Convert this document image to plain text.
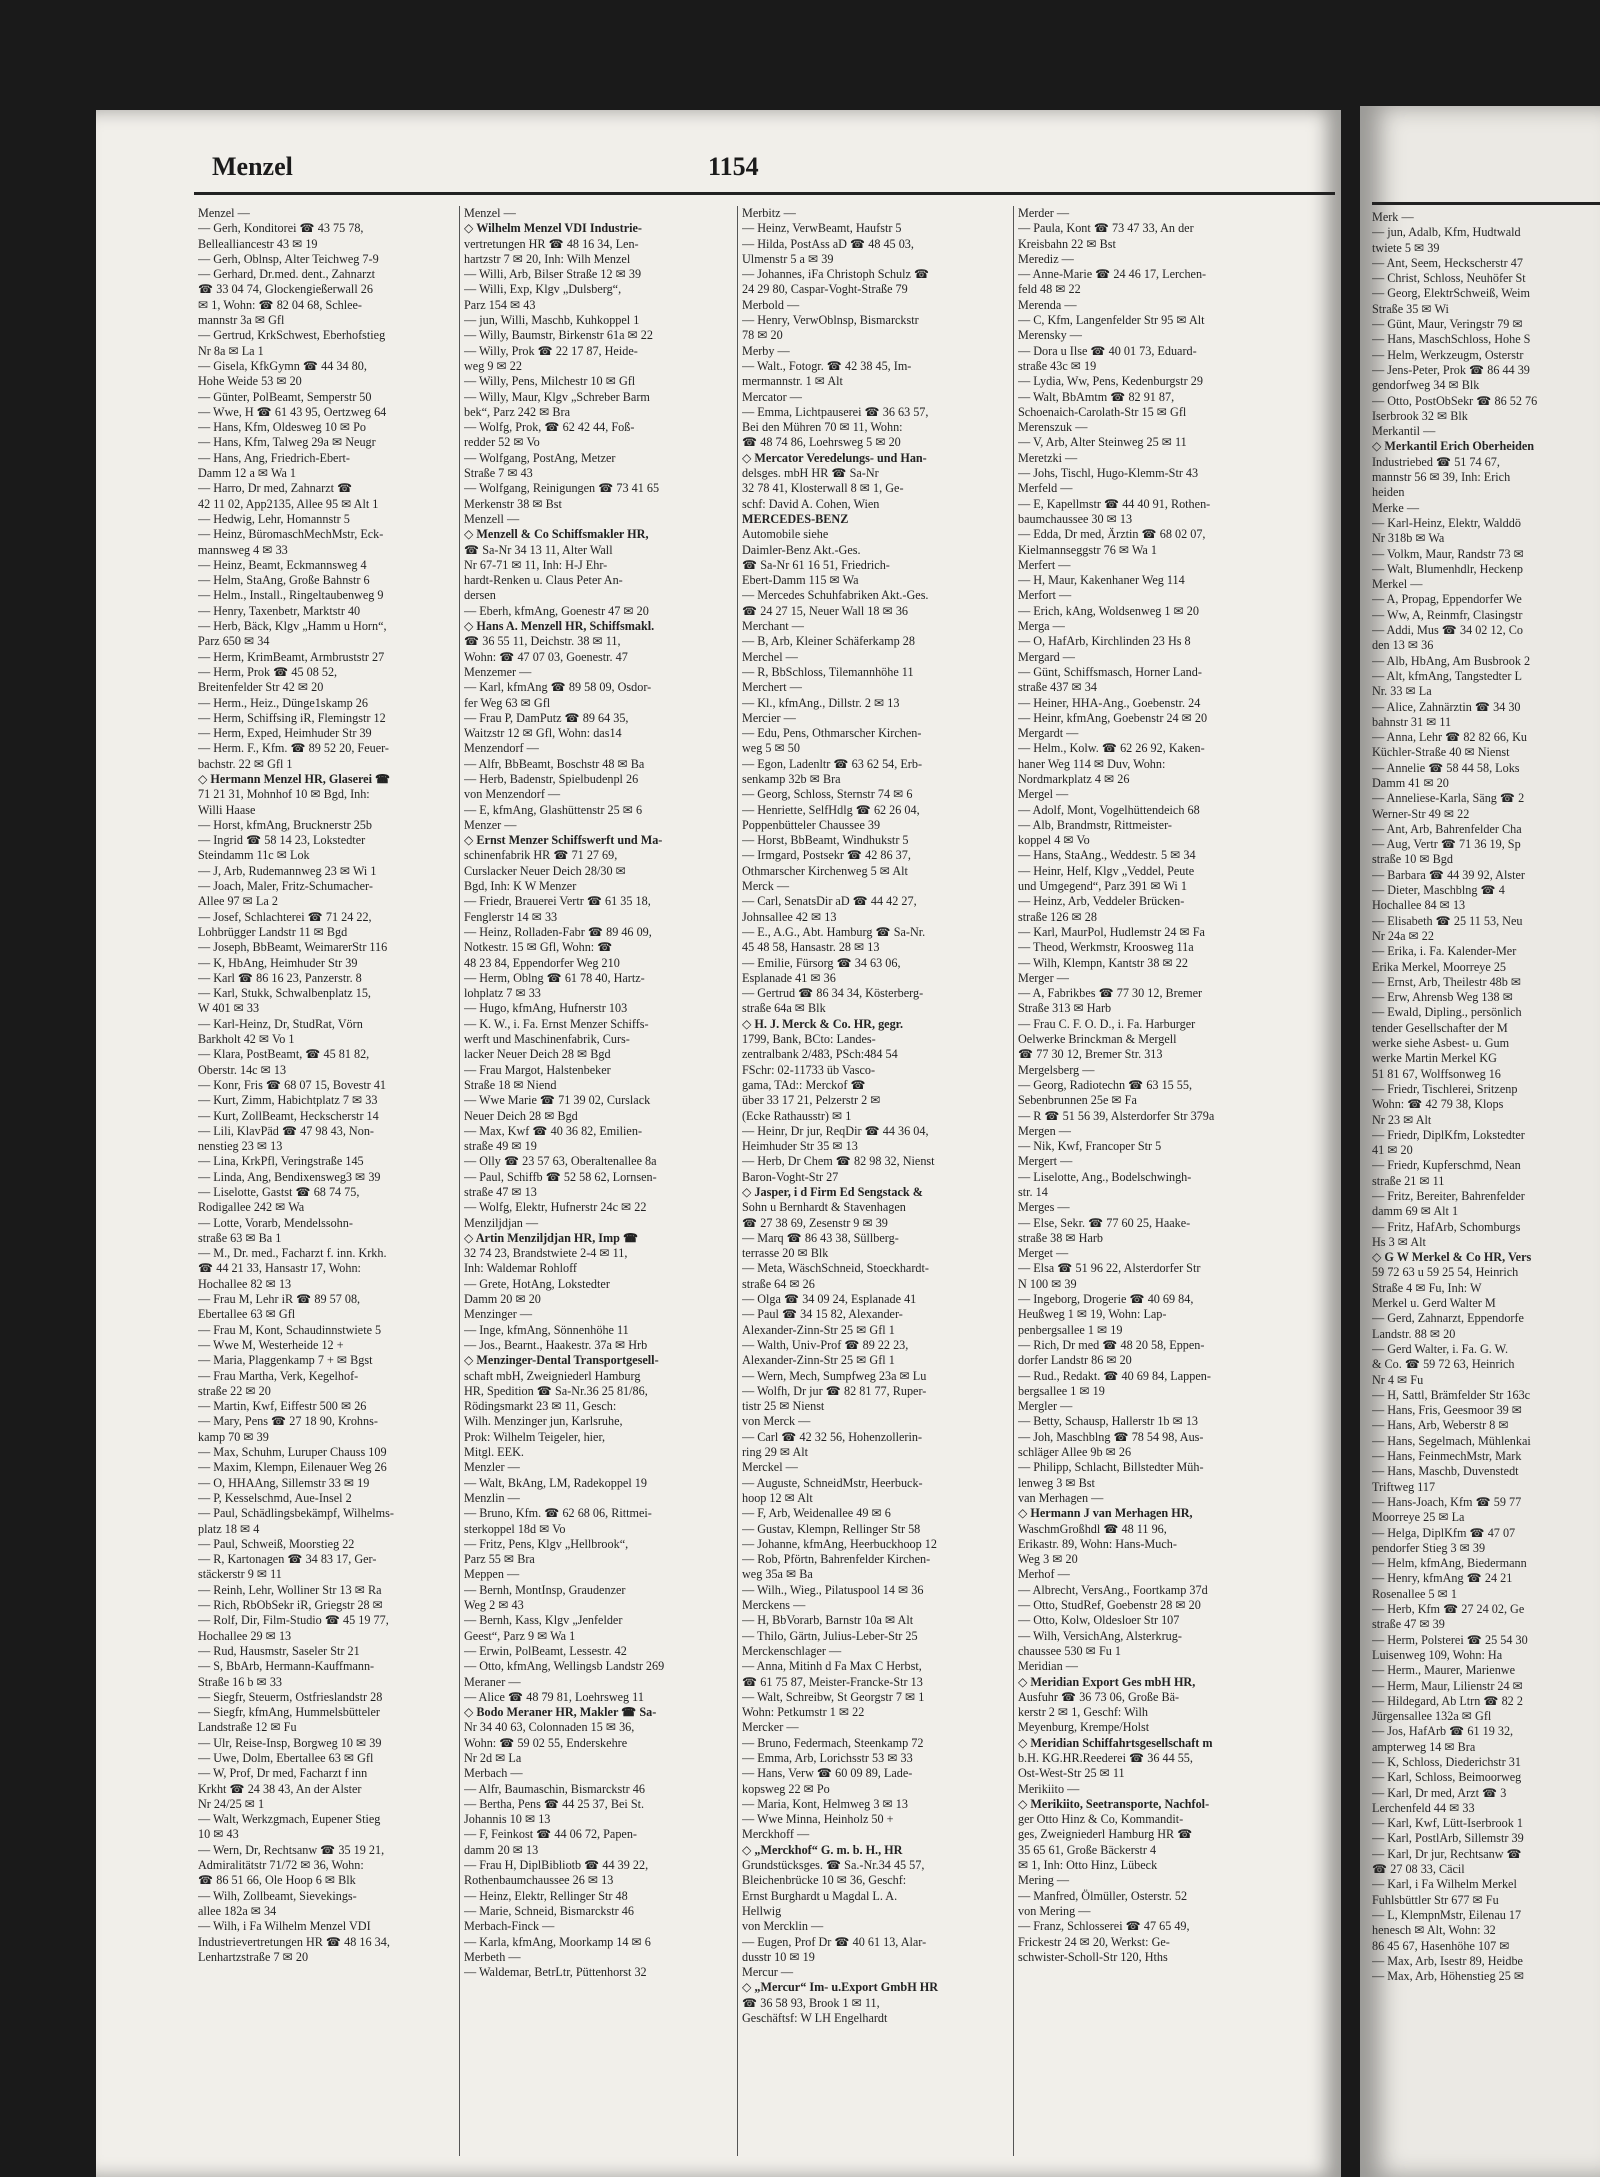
Menzel	1154
Menzel —
— Gerh, Konditorei ☎ 43 75 78,
Bellealliancestr 43 ✉ 19
— Gerh, Oblnsp, Alter Teichweg 7-9
— Gerhard, Dr.med. dent., Zahnarzt
☎ 33 04 74, Glockengießerwall 26
✉ 1, Wohn: ☎ 82 04 68, Schlee-
mannstr 3a ✉ Gfl
— Gertrud, KrkSchwest, Eberhofstieg
Nr 8a ✉ La 1
— Gisela, KfkGymn ☎ 44 34 80,
Hohe Weide 53 ✉ 20
— Günter, PolBeamt, Semperstr 50
— Wwe, H ☎ 61 43 95, Oertzweg 64
— Hans, Kfm, Oldesweg 10 ✉ Po
— Hans, Kfm, Talweg 29a ✉ Neugr
— Hans, Ang, Friedrich-Ebert-
Damm 12 a ✉ Wa 1
— Harro, Dr med, Zahnarzt ☎
42 11 02, App2135, Allee 95 ✉ Alt 1
— Hedwig, Lehr, Homannstr 5
— Heinz, BüromaschMechMstr, Eck-
mannsweg 4 ✉ 33
— Heinz, Beamt, Eckmannsweg 4
— Helm, StaAng, Große Bahnstr 6
— Helm., Install., Ringeltaubenweg 9
— Henry, Taxenbetr, Marktstr 40
— Herb, Bäck, Klgv „Hamm u Horn“,
Parz 650 ✉ 34
— Herm, KrimBeamt, Armbruststr 27
— Herm, Prok ☎ 45 08 52,
Breitenfelder Str 42 ✉ 20
— Herm., Heiz., Dünge1skamp 26
— Herm, Schiffsing iR, Flemingstr 12
— Herm, Exped, Heimhuder Str 39
— Herm. F., Kfm. ☎ 89 52 20, Feuer-
bachstr. 22 ✉ Gfl 1
◇ Hermann Menzel HR, Glaserei ☎
71 21 31, Mohnhof 10 ✉ Bgd, Inh:
Willi Haase
— Horst, kfmAng, Brucknerstr 25b
— Ingrid ☎ 58 14 23, Lokstedter
Steindamm 11c ✉ Lok
— J, Arb, Rudemannweg 23 ✉ Wi 1
— Joach, Maler, Fritz-Schumacher-
Allee 97 ✉ La 2
— Josef, Schlachterei ☎ 71 24 22,
Lohbrügger Landstr 11 ✉ Bgd
— Joseph, BbBeamt, WeimarerStr 116
— K, HbAng, Heimhuder Str 39
— Karl ☎ 86 16 23, Panzerstr. 8
— Karl, Stukk, Schwalbenplatz 15,
W 401 ✉ 33
— Karl-Heinz, Dr, StudRat, Vörn
Barkholt 42 ✉ Vo 1
— Klara, PostBeamt, ☎ 45 81 82,
Oberstr. 14c ✉ 13
— Konr, Fris ☎ 68 07 15, Bovestr 41
— Kurt, Zimm, Habichtplatz 7 ✉ 33
— Kurt, ZollBeamt, Heckscherstr 14
— Lili, KlavPäd ☎ 47 98 43, Non-
nenstieg 23 ✉ 13
— Lina, KrkPfl, Veringstraße 145
— Linda, Ang, Bendixensweg3 ✉ 39
— Liselotte, Gastst ☎ 68 74 75,
Rodigallee 242 ✉ Wa
— Lotte, Vorarb, Mendelssohn-
straße 63 ✉ Ba 1
— M., Dr. med., Facharzt f. inn. Krkh.
☎ 44 21 33, Hansastr 17, Wohn:
Hochallee 82 ✉ 13
— Frau M, Lehr iR ☎ 89 57 08,
Ebertallee 63 ✉ Gfl
— Frau M, Kont, Schaudinnstwiete 5
— Wwe M, Westerheide 12 +
— Maria, Plaggenkamp 7 + ✉ Bgst
— Frau Martha, Verk, Kegelhof-
straße 22 ✉ 20
— Martin, Kwf, Eiffestr 500 ✉ 26
— Mary, Pens ☎ 27 18 90, Krohns-
kamp 70 ✉ 39
— Max, Schuhm, Luruper Chauss 109
— Maxim, Klempn, Eilenauer Weg 26
— O, HHAAng, Sillemstr 33 ✉ 19
— P, Kesselschmd, Aue-Insel 2
— Paul, Schädlingsbekämpf, Wilhelms-
platz 18 ✉ 4
— Paul, Schweiß, Moorstieg 22
— R, Kartonagen ☎ 34 83 17, Ger-
stäckerstr 9 ✉ 11
— Reinh, Lehr, Wolliner Str 13 ✉ Ra
— Rich, RbObSekr iR, Griegstr 28 ✉
— Rolf, Dir, Film-Studio ☎ 45 19 77,
Hochallee 29 ✉ 13
— Rud, Hausmstr, Saseler Str 21
— S, BbArb, Hermann-Kauffmann-
Straße 16 b ✉ 33
— Siegfr, Steuerm, Ostfrieslandstr 28
— Siegfr, kfmAng, Hummelsbütteler
Landstraße 12 ✉ Fu
— Ulr, Reise-Insp, Borgweg 10 ✉ 39
— Uwe, Dolm, Ebertallee 63 ✉ Gfl
— W, Prof, Dr med, Facharzt f inn
Krkht ☎ 24 38 43, An der Alster
Nr 24/25 ✉ 1
— Walt, Werkzgmach, Eupener Stieg
10 ✉ 43
— Wern, Dr, Rechtsanw ☎ 35 19 21,
Admiralitätstr 71/72 ✉ 36, Wohn:
☎ 86 51 66, Ole Hoop 6 ✉ Blk
— Wilh, Zollbeamt, Sievekings-
allee 182a ✉ 34
— Wilh, i Fa Wilhelm Menzel VDI
Industrievertretungen HR ☎ 48 16 34,
Lenhartzstraße 7 ✉ 20
Menzel —
◇ Wilhelm Menzel VDI Industrie-
vertretungen HR ☎ 48 16 34, Len-
hartzstr 7 ✉ 20, Inh: Wilh Menzel
— Willi, Arb, Bilser Straße 12 ✉ 39
— Willi, Exp, Klgv „Dulsberg“,
Parz 154 ✉ 43
— jun, Willi, Maschb, Kuhkoppel 1
— Willy, Baumstr, Birkenstr 61a ✉ 22
— Willy, Prok ☎ 22 17 87, Heide-
weg 9 ✉ 22
— Willy, Pens, Milchestr 10 ✉ Gfl
— Willy, Maur, Klgv „Schreber Barm
bek“, Parz 242 ✉ Bra
— Wolfg, Prok, ☎ 62 42 44, Foß-
redder 52 ✉ Vo
— Wolfgang, PostAng, Metzer
Straße 7 ✉ 43
— Wolfgang, Reinigungen ☎ 73 41 65
Merkenstr 38 ✉ Bst
Menzell —
◇ Menzell & Co Schiffsmakler HR,
☎ Sa-Nr 34 13 11, Alter Wall
Nr 67-71 ✉ 11, Inh: H-J Ehr-
hardt-Renken u. Claus Peter An-
dersen
— Eberh, kfmAng, Goenestr 47 ✉ 20
◇ Hans A. Menzell HR, Schiffsmakl.
☎ 36 55 11, Deichstr. 38 ✉ 11,
Wohn: ☎ 47 07 03, Goenestr. 47
Menzemer —
— Karl, kfmAng ☎ 89 58 09, Osdor-
fer Weg 63 ✉ Gfl
— Frau P, DamPutz ☎ 89 64 35,
Waitzstr 12 ✉ Gfl, Wohn: das14
Menzendorf —
— Alfr, BbBeamt, Boschstr 48 ✉ Ba
— Herb, Badenstr, Spielbudenpl 26
von Menzendorf —
— E, kfmAng, Glashüttenstr 25 ✉ 6
Menzer —
◇ Ernst Menzer Schiffswerft und Ma-
schinenfabrik HR ☎ 71 27 69,
Curslacker Neuer Deich 28/30 ✉
Bgd, Inh: K W Menzer
— Friedr, Brauerei Vertr ☎ 61 35 18,
Fenglerstr 14 ✉ 33
— Heinz, Rolladen-Fabr ☎ 89 46 09,
Notkestr. 15 ✉ Gfl, Wohn: ☎
48 23 84, Eppendorfer Weg 210
— Herm, Oblng ☎ 61 78 40, Hartz-
lohplatz 7 ✉ 33
— Hugo, kfmAng, Hufnerstr 103
— K. W., i. Fa. Ernst Menzer Schiffs-
werft und Maschinenfabrik, Curs-
lacker Neuer Deich 28 ✉ Bgd
— Frau Margot, Halstenbeker
Straße 18 ✉ Niend
— Wwe Marie ☎ 71 39 02, Curslack
Neuer Deich 28 ✉ Bgd
— Max, Kwf ☎ 40 36 82, Emilien-
straße 49 ✉ 19
— Olly ☎ 23 57 63, Oberaltenallee 8a
— Paul, Schiffb ☎ 52 58 62, Lornsen-
straße 47 ✉ 13
— Wolfg, Elektr, Hufnerstr 24c ✉ 22
Menziljdjan —
◇ Artin Menziljdjan HR, Imp ☎
32 74 23, Brandstwiete 2-4 ✉ 11,
Inh: Waldemar Rohloff
— Grete, HotAng, Lokstedter
Damm 20 ✉ 20
Menzinger —
— Inge, kfmAng, Sönnenhöhe 11
— Jos., Bearnt., Haakestr. 37a ✉ Hrb
◇ Menzinger-Dental Transportgesell-
schaft mbH, Zweigniederl Hamburg
HR, Spedition ☎ Sa-Nr.36 25 81/86,
Rödingsmarkt 23 ✉ 11, Gesch:
Wilh. Menzinger jun, Karlsruhe,
Prok: Wilhelm Teigeler, hier,
Mitgl. EEK.
Menzler —
— Walt, BkAng, LM, Radekoppel 19
Menzlin —
— Bruno, Kfm. ☎ 62 68 06, Rittmei-
sterkoppel 18d ✉ Vo
— Fritz, Pens, Klgv „Hellbrook“,
Parz 55 ✉ Bra
Meppen —
— Bernh, MontInsp, Graudenzer
Weg 2 ✉ 43
— Bernh, Kass, Klgv „Jenfelder
Geest“, Parz 9 ✉ Wa 1
— Erwin, PolBeamt, Lessestr. 42
— Otto, kfmAng, Wellingsb Landstr 269
Meraner —
— Alice ☎ 48 79 81, Loehrsweg 11
◇ Bodo Meraner HR, Makler ☎ Sa-
Nr 34 40 63, Colonnaden 15 ✉ 36,
Wohn: ☎ 59 02 55, Enderskehre
Nr 2d ✉ La
Merbach —
— Alfr, Baumaschin, Bismarckstr 46
— Bertha, Pens ☎ 44 25 37, Bei St.
Johannis 10 ✉ 13
— F, Feinkost ☎ 44 06 72, Papen-
damm 20 ✉ 13
— Frau H, DiplBibliotb ☎ 44 39 22,
Rothenbaumchaussee 26 ✉ 13
— Heinz, Elektr, Rellinger Str 48
— Marie, Schneid, Bismarckstr 46
Merbach-Finck —
— Karla, kfmAng, Moorkamp 14 ✉ 6
Merbeth —
— Waldemar, BetrLtr, Püttenhorst 32
Merbitz —
— Heinz, VerwBeamt, Haufstr 5
— Hilda, PostAss aD ☎ 48 45 03,
Ulmenstr 5 a ✉ 39
— Johannes, iFa Christoph Schulz ☎
24 29 80, Caspar-Voght-Straße 79
Merbold —
— Henry, VerwOblnsp, Bismarckstr
78 ✉ 20
Merby —
— Walt., Fotogr. ☎ 42 38 45, Im-
mermannstr. 1 ✉ Alt
Mercator —
— Emma, Lichtpauserei ☎ 36 63 57,
Bei den Mühren 70 ✉ 11, Wohn:
☎ 48 74 86, Loehrsweg 5 ✉ 20
◇ Mercator Veredelungs- und Han-
delsges. mbH HR ☎ Sa-Nr
32 78 41, Klosterwall 8 ✉ 1, Ge-
schf: David A. Cohen, Wien
MERCEDES-BENZ
Automobile siehe
Daimler-Benz Akt.-Ges.
☎ Sa-Nr 61 16 51, Friedrich-
Ebert-Damm 115 ✉ Wa
— Mercedes Schuhfabriken Akt.-Ges.
☎ 24 27 15, Neuer Wall 18 ✉ 36
Merchant —
— B, Arb, Kleiner Schäferkamp 28
Merchel —
— R, BbSchloss, Tilemannhöhe 11
Merchert —
— Kl., kfmAng., Dillstr. 2 ✉ 13
Mercier —
— Edu, Pens, Othmarscher Kirchen-
weg 5 ✉ 50
— Egon, Ladenltr ☎ 63 62 54, Erb-
senkamp 32b ✉ Bra
— Georg, Schloss, Sternstr 74 ✉ 6
— Henriette, SelfHdlg ☎ 62 26 04,
Poppenbütteler Chaussee 39
— Horst, BbBeamt, Windhukstr 5
— Irmgard, Postsekr ☎ 42 86 37,
Othmarscher Kirchenweg 5 ✉ Alt
Merck —
— Carl, SenatsDir aD ☎ 44 42 27,
Johnsallee 42 ✉ 13
— E., A.G., Abt. Hamburg ☎ Sa-Nr.
45 48 58, Hansastr. 28 ✉ 13
— Emilie, Fürsorg ☎ 34 63 06,
Esplanade 41 ✉ 36
— Gertrud ☎ 86 34 34, Kösterberg-
straße 64a ✉ Blk
◇ H. J. Merck & Co. HR, gegr.
1799, Bank, BCto: Landes-
zentralbank 2/483, PSch:484 54
FSchr: 02-11733 üb Vasco-
gama, TAd:: Merckof ☎
über 33 17 21, Pelzerstr 2 ✉
(Ecke Rathausstr) ✉ 1
— Heinr, Dr jur, ReqDir ☎ 44 36 04,
Heimhuder Str 35 ✉ 13
— Herb, Dr Chem ☎ 82 98 32, Nienst
Baron-Voght-Str 27
◇ Jasper, i d Firm Ed Sengstack &
Sohn u Bernhardt & Stavenhagen
☎ 27 38 69, Zesenstr 9 ✉ 39
— Marq ☎ 86 43 38, Süllberg-
terrasse 20 ✉ Blk
— Meta, WäschSchneid, Stoeckhardt-
straße 64 ✉ 26
— Olga ☎ 34 09 24, Esplanade 41
— Paul ☎ 34 15 82, Alexander-
Alexander-Zinn-Str 25 ✉ Gfl 1
— Walth, Univ-Prof ☎ 89 22 23,
Alexander-Zinn-Str 25 ✉ Gfl 1
— Wern, Mech, Sumpfweg 23a ✉ Lu
— Wolfh, Dr jur ☎ 82 81 77, Ruper-
tistr 25 ✉ Nienst
von Merck —
— Carl ☎ 42 32 56, Hohenzollerin-
ring 29 ✉ Alt
Merckel —
— Auguste, SchneidMstr, Heerbuck-
hoop 12 ✉ Alt
— F, Arb, Weidenallee 49 ✉ 6
— Gustav, Klempn, Rellinger Str 58
— Johanne, kfmAng, Heerbuckhoop 12
— Rob, Pförtn, Bahrenfelder Kirchen-
weg 35a ✉ Ba
— Wilh., Wieg., Pilatuspool 14 ✉ 36
Merckens —
— H, BbVorarb, Barnstr 10a ✉ Alt
— Thilo, Gärtn, Julius-Leber-Str 25
Merckenschlager —
— Anna, Mitinh d Fa Max C Herbst,
☎ 61 75 87, Meister-Francke-Str 13
— Walt, Schreibw, St Georgstr 7 ✉ 1
Wohn: Petkumstr 1 ✉ 22
Mercker —
— Bruno, Federmach, Steenkamp 72
— Emma, Arb, Lorichsstr 53 ✉ 33
— Hans, Verw ☎ 60 09 89, Lade-
kopsweg 22 ✉ Po
— Maria, Kont, Helmweg 3 ✉ 13
— Wwe Minna, Heinholz 50 +
Merckhoff —
◇ „Merckhof“ G. m. b. H., HR
Grundstücksges. ☎ Sa.-Nr.34 45 57,
Bleichenbrücke 10 ✉ 36, Geschf:
Ernst Burghardt u Magdal L. A.
Hellwig
von Mercklin —
— Eugen, Prof Dr ☎ 40 61 13, Alar-
dusstr 10 ✉ 19
Mercur —
◇ „Mercur“ Im- u.Export GmbH HR
☎ 36 58 93, Brook 1 ✉ 11,
Geschäftsf: W LH Engelhardt
Merder —
— Paula, Kont ☎ 73 47 33, An der
Kreisbahn 22 ✉ Bst
Merediz —
— Anne-Marie ☎ 24 46 17, Lerchen-
feld 48 ✉ 22
Merenda —
— C, Kfm, Langenfelder Str 95 ✉ Alt
Merensky —
— Dora u Ilse ☎ 40 01 73, Eduard-
straße 43c ✉ 19
— Lydia, Ww, Pens, Kedenburgstr 29
— Walt, BbAmtm ☎ 82 91 87,
Schoenaich-Carolath-Str 15 ✉ Gfl
Merenszuk —
— V, Arb, Alter Steinweg 25 ✉ 11
Meretzki —
— Johs, Tischl, Hugo-Klemm-Str 43
Merfeld —
— E, Kapellmstr ☎ 44 40 91, Rothen-
baumchaussee 30 ✉ 13
— Edda, Dr med, Ärztin ☎ 68 02 07,
Kielmannseggstr 76 ✉ Wa 1
Merfert —
— H, Maur, Kakenhaner Weg 114
Merfort —
— Erich, kAng, Woldsenweg 1 ✉ 20
Merga —
— O, HafArb, Kirchlinden 23 Hs 8
Mergard —
— Günt, Schiffsmasch, Horner Land-
straße 437 ✉ 34
— Heiner, HHA-Ang., Goebenstr. 24
— Heinr, kfmAng, Goebenstr 24 ✉ 20
Mergardt —
— Helm., Kolw. ☎ 62 26 92, Kaken-
haner Weg 114 ✉ Duv, Wohn:
Nordmarkplatz 4 ✉ 26
Mergel —
— Adolf, Mont, Vogelhüttendeich 68
— Alb, Brandmstr, Rittmeister-
koppel 4 ✉ Vo
— Hans, StaAng., Weddestr. 5 ✉ 34
— Heinr, Helf, Klgv „Veddel, Peute
und Umgegend“, Parz 391 ✉ Wi 1
— Heinz, Arb, Veddeler Brücken-
straße 126 ✉ 28
— Karl, MaurPol, Hudlemstr 24 ✉ Fa
— Theod, Werkmstr, Kroosweg 11a
— Wilh, Klempn, Kantstr 38 ✉ 22
Merger —
— A, Fabrikbes ☎ 77 30 12, Bremer
Straße 313 ✉ Harb
— Frau C. F. O. D., i. Fa. Harburger
Oelwerke Brinckman & Mergell
☎ 77 30 12, Bremer Str. 313
Mergelsberg —
— Georg, Radiotechn ☎ 63 15 55,
Sebenbrunnen 25e ✉ Fa
— R ☎ 51 56 39, Alsterdorfer Str 379a
Mergen —
— Nik, Kwf, Francoper Str 5
Mergert —
— Liselotte, Ang., Bodelschwingh-
str. 14
Merges —
— Else, Sekr. ☎ 77 60 25, Haake-
straße 38 ✉ Harb
Merget —
— Elsa ☎ 51 96 22, Alsterdorfer Str
N 100 ✉ 39
— Ingeborg, Drogerie ☎ 40 69 84,
Heußweg 1 ✉ 19, Wohn: Lap-
penbergsallee 1 ✉ 19
— Rich, Dr med ☎ 48 20 58, Eppen-
dorfer Landstr 86 ✉ 20
— Rud., Redakt. ☎ 40 69 84, Lappen-
bergsallee 1 ✉ 19
Mergler —
— Betty, Schausp, Hallerstr 1b ✉ 13
— Joh, Maschblng ☎ 78 54 98, Aus-
schläger Allee 9b ✉ 26
— Philipp, Schlacht, Billstedter Müh-
lenweg 3 ✉ Bst
van Merhagen —
◇ Hermann J van Merhagen HR,
WaschmGroßhdl ☎ 48 11 96,
Erikastr. 89, Wohn: Hans-Much-
Weg 3 ✉ 20
Merhof —
— Albrecht, VersAng., Foortkamp 37d
— Otto, StudRef, Goebenstr 28 ✉ 20
— Otto, Kolw, Oldesloer Str 107
— Wilh, VersichAng, Alsterkrug-
chaussee 530 ✉ Fu 1
Meridian —
◇ Meridian Export Ges mbH HR,
Ausfuhr ☎ 36 73 06, Große Bä-
kerstr 2 ✉ 1, Geschf: Wilh
Meyenburg, Krempe/Holst
◇ Meridian Schiffahrtsgesellschaft m
b.H. KG.HR.Reederei ☎ 36 44 55,
Ost-West-Str 25 ✉ 11
Merikiito —
◇ Merikiito, Seetransporte, Nachfol-
ger Otto Hinz & Co, Kommandit-
ges, Zweigniederl Hamburg HR ☎
35 65 61, Große Bäckerstr 4
✉ 1, Inh: Otto Hinz, Lübeck
Mering —
— Manfred, Ölmüller, Osterstr. 52
von Mering —
— Franz, Schlosserei ☎ 47 65 49,
Frickestr 24 ✉ 20, Werkst: Ge-
schwister-Scholl-Str 120, Hths
Merk —
— jun, Adalb, Kfm, Hudtwald
twiete 5 ✉ 39
— Ant, Seem, Heckscherstr 47
— Christ, Schloss, Neuhöfer St
— Georg, ElektrSchweiß, Weim
Straße 35 ✉ Wi
— Günt, Maur, Veringstr 79 ✉
— Hans, MaschSchloss, Hohe S
— Helm, Werkzeugm, Osterstr
— Jens-Peter, Prok ☎ 86 44 39
gendorfweg 34 ✉ Blk
— Otto, PostObSekr ☎ 86 52 76
Iserbrook 32 ✉ Blk
Merkantil —
◇ Merkantil Erich Oberheiden
Industriebed ☎ 51 74 67,
mannstr 56 ✉ 39, Inh: Erich
heiden
Merke —
— Karl-Heinz, Elektr, Walddö
Nr 318b ✉ Wa
— Volkm, Maur, Randstr 73 ✉
— Walt, Blumenhdlr, Heckenp
Merkel —
— A, Propag, Eppendorfer We
— Ww, A, Reinmfr, Clasingstr
— Addi, Mus ☎ 34 02 12, Co
den 13 ✉ 36
— Alb, HbAng, Am Busbrook 2
— Alt, kfmAng, Tangstedter L
Nr. 33 ✉ La
— Alice, Zahnärztin ☎ 34 30
bahnstr 31 ✉ 11
— Anna, Lehr ☎ 82 82 66, Ku
Küchler-Straße 40 ✉ Nienst
— Annelie ☎ 58 44 58, Loks
Damm 41 ✉ 20
— Anneliese-Karla, Säng ☎ 2
Werner-Str 49 ✉ 22
— Ant, Arb, Bahrenfelder Cha
— Aug, Vertr ☎ 71 36 19, Sp
straße 10 ✉ Bgd
— Barbara ☎ 44 39 92, Alster
— Dieter, Maschblng ☎ 4
Hochallee 84 ✉ 13
— Elisabeth ☎ 25 11 53, Neu
Nr 24a ✉ 22
— Erika, i. Fa. Kalender-Mer
Erika Merkel, Moorreye 25
— Ernst, Arb, Theilestr 48b ✉
— Erw, Ahrensb Weg 138 ✉
— Ewald, Dipling., persönlich
tender Gesellschafter der M
werke siehe Asbest- u. Gum
werke Martin Merkel KG
51 81 67, Wolffsonweg 16
— Friedr, Tischlerei, Sritzenp
Wohn: ☎ 42 79 38, Klops
Nr 23 ✉ Alt
— Friedr, DiplKfm, Lokstedter
41 ✉ 20
— Friedr, Kupferschmd, Nean
straße 21 ✉ 11
— Fritz, Bereiter, Bahrenfelder
damm 69 ✉ Alt 1
— Fritz, HafArb, Schomburgs
Hs 3 ✉ Alt
◇ G W Merkel & Co HR, Vers
59 72 63 u 59 25 54, Heinrich
Straße 4 ✉ Fu, Inh: W
Merkel u. Gerd Walter M
— Gerd, Zahnarzt, Eppendorfe
Landstr. 88 ✉ 20
— Gerd Walter, i. Fa. G. W.
& Co. ☎ 59 72 63, Heinrich
Nr 4 ✉ Fu
— H, Sattl, Brämfelder Str 163c
— Hans, Fris, Geesmoor 39 ✉
— Hans, Arb, Weberstr 8 ✉
— Hans, Segelmach, Mühlenkai
— Hans, FeinmechMstr, Mark
— Hans, Maschb, Duvenstedt
Triftweg 117
— Hans-Joach, Kfm ☎ 59 77
Moorreye 25 ✉ La
— Helga, DiplKfm ☎ 47 07
pendorfer Stieg 3 ✉ 39
— Helm, kfmAng, Biedermann
— Henry, kfmAng ☎ 24 21
Rosenallee 5 ✉ 1
— Herb, Kfm ☎ 27 24 02, Ge
straße 47 ✉ 39
— Herm, Polsterei ☎ 25 54 30
Luisenweg 109, Wohn: Ha
— Herm., Maurer, Marienwe
— Herm, Maur, Lilienstr 24 ✉
— Hildegard, Ab Ltrn ☎ 82 2
Jürgensallee 132a ✉ Gfl
— Jos, HafArb ☎ 61 19 32,
ampterweg 14 ✉ Bra
— K, Schloss, Diederichstr 31
— Karl, Schloss, Beimoorweg
— Karl, Dr med, Arzt ☎ 3
Lerchenfeld 44 ✉ 33
— Karl, Kwf, Lütt-Iserbrook 1
— Karl, PostlArb, Sillemstr 39
— Karl, Dr jur, Rechtsanw ☎
☎ 27 08 33, Cäcil
— Karl, i Fa Wilhelm Merkel
Fuhlsbüttler Str 677 ✉ Fu
— L, KlempnMstr, Eilenau 17
henesch ✉ Alt, Wohn: 32
86 45 67, Hasenhöhe 107 ✉
— Max, Arb, Isestr 89, Heidbe
— Max, Arb, Höhenstieg 25 ✉
